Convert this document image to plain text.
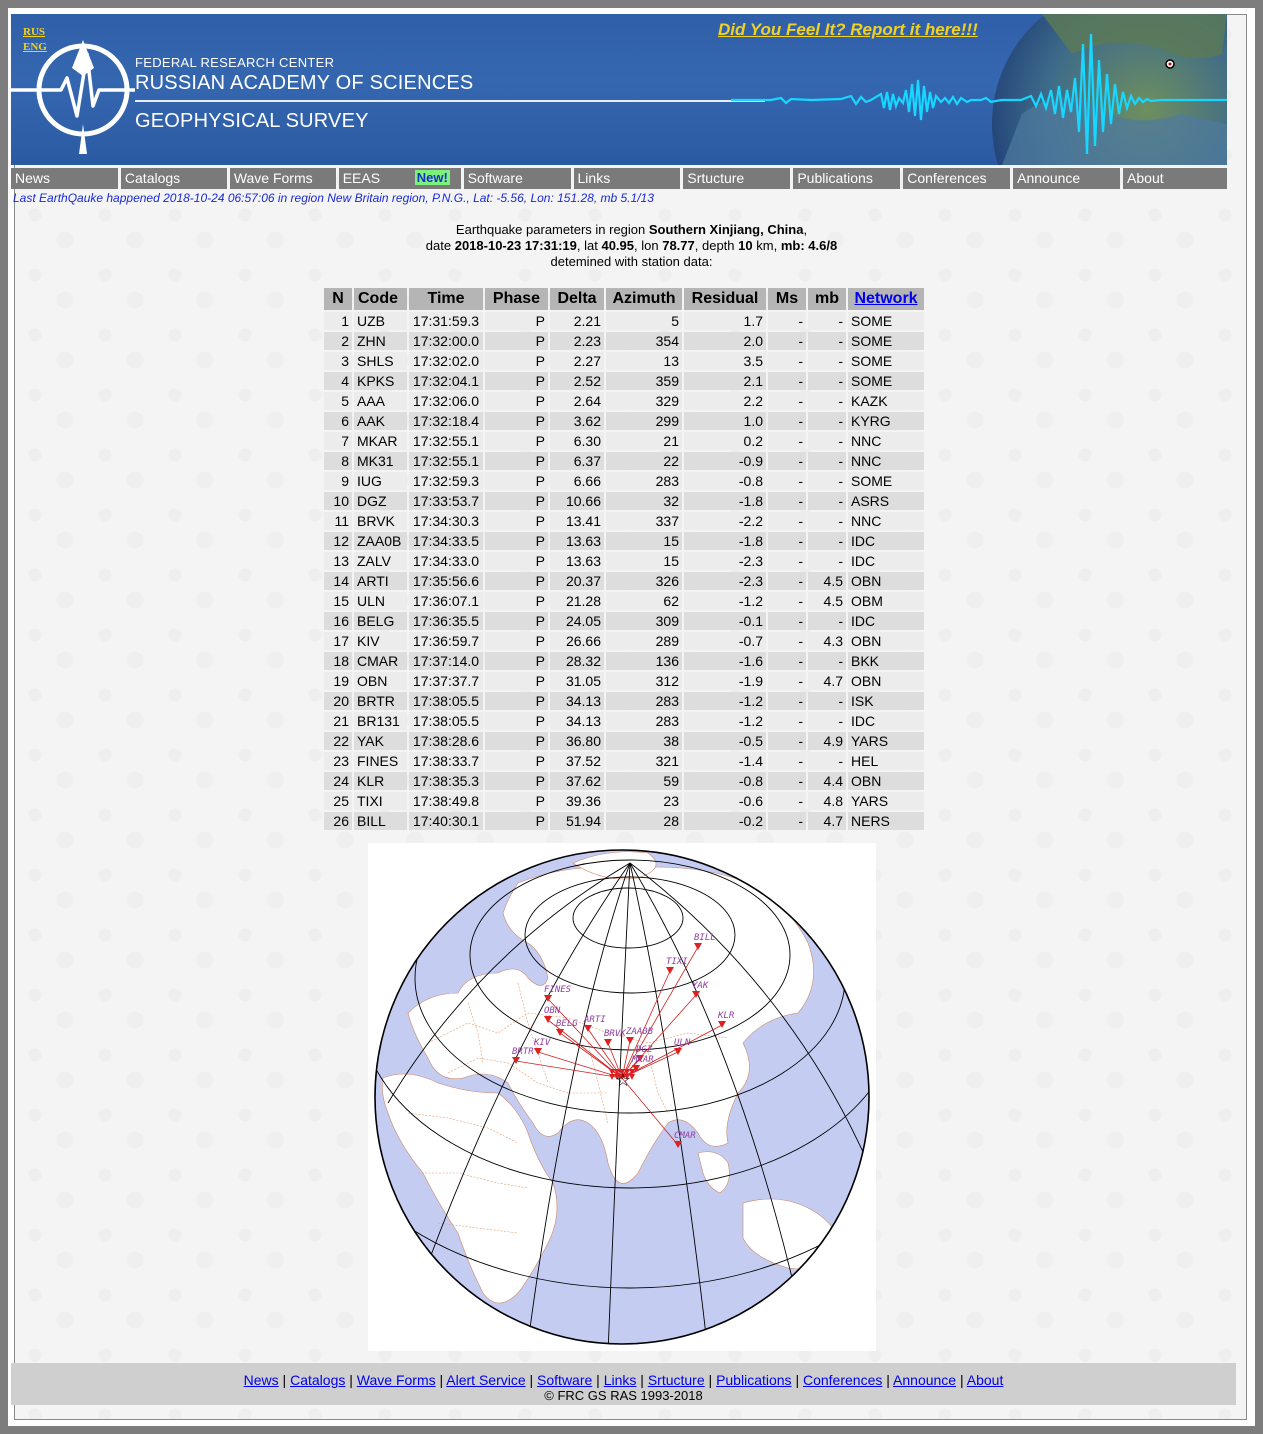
RUS
ENG
FEDERAL RESEARCH CENTER
RUSSIAN ACADEMY OF SCIENCES
GEOPHYSICAL SURVEY
Did You Feel It? Report it here!!!
News	Catalogs	Wave Forms	EEAS	New! Software	Links	Srtucture	Publications	Conferences	Announce	About
Last EarthQauke happened 2018-10-24 06:57:06 in region New Britain region, P.N.G., Lat: -5.56, Lon: 151.28, mb 5.1/13
Earthquake parameters in region Southern Xinjiang, China,
date 2018-10-23 17:31:19, lat 40.95, lon 78.77, depth 10 km, mb: 4.6/8
detemined with station data:
N	Code	Time	Phase	Delta	Azimuth	Residual	Ms	mb	Network
1	UZB	17:31:59.3	P	2.21	5	1.7	-	-	SOME
2	ZHN	17:32:00.0	P	2.23	354	2.0	-	-	SOME
3	SHLS	17:32:02.0	P	2.27	13	3.5	-	-	SOME
4	KPKS	17:32:04.1	P	2.52	359	2.1	-	-	SOME
5	AAA	17:32:06.0	P	2.64	329	2.2	-	-	KAZK
6	AAK	17:32:18.4	P	3.62	299	1.0	-	-	KYRG
7	MKAR	17:32:55.1	P	6.30	21	0.2	-	-	NNC
8	MK31	17:32:55.1	P	6.37	22	-0.9	-	-	NNC
9	IUG	17:32:59.3	P	6.66	283	-0.8	-	-	SOME
10	DGZ	17:33:53.7	P	10.66	32	-1.8	-	-	ASRS
11	BRVK	17:34:30.3	P	13.41	337	-2.2	-	-	NNC
12	ZAA0B	17:34:33.5	P	13.63	15	-1.8	-	-	IDC
13	ZALV	17:34:33.0	P	13.63	15	-2.3	-	-	IDC
14	ARTI	17:35:56.6	P	20.37	326	-2.3	-	4.5	OBN
15	ULN	17:36:07.1	P	21.28	62	-1.2	-	4.5	OBM
16	BELG	17:36:35.5	P	24.05	309	-0.1	-	-	IDC
17	KIV	17:36:59.7	P	26.66	289	-0.7	-	4.3	OBN
18	CMAR	17:37:14.0	P	28.32	136	-1.6	-	-	BKK
19	OBN	17:37:37.7	P	31.05	312	-1.9	-	4.7	OBN
20	BRTR	17:38:05.5	P	34.13	283	-1.2	-	-	ISK
21	BR131	17:38:05.5	P	34.13	283	-1.2	-	-	IDC
22	YAK	17:38:28.6	P	36.80	38	-0.5	-	4.9	YARS
23	FINES	17:38:33.7	P	37.52	321	-1.4	-	-	HEL
24	KLR	17:38:35.3	P	37.62	59	-0.8	-	4.4	OBN
25	TIXI	17:38:49.8	P	39.36	23	-0.6	-	4.8	YARS
26	BILL	17:40:30.1	P	51.94	28	-0.2	-	4.7	NERS
BILL
TIXI
YAK
FINES
OBN
ARTI
BELG
BRVK ZAA0B
DGZ
KLR
ULN
KIV
BRTR
CMAR
MKAR
☆
News | Catalogs | Wave Forms | Alert Service | Software | Links | Srtucture | Publications | Conferences | Announce | About
© FRC GS RAS 1993-2018
